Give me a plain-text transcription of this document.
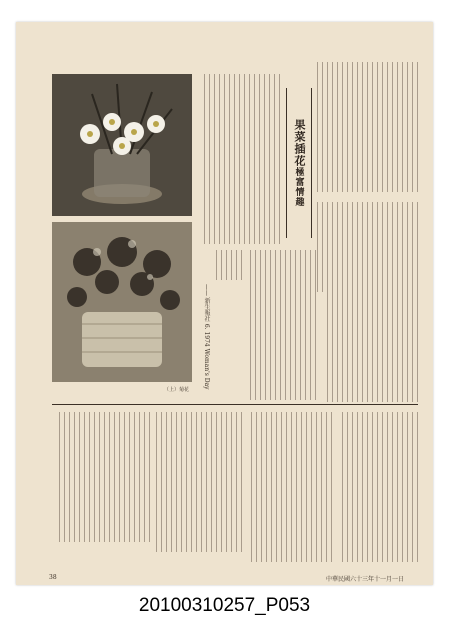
（上）菊花
果菜插花
極富情趣
—— 新生報社 6. 1974 Woman's Day
38	中華民國六十三年十一月一日
20100310257_P053
